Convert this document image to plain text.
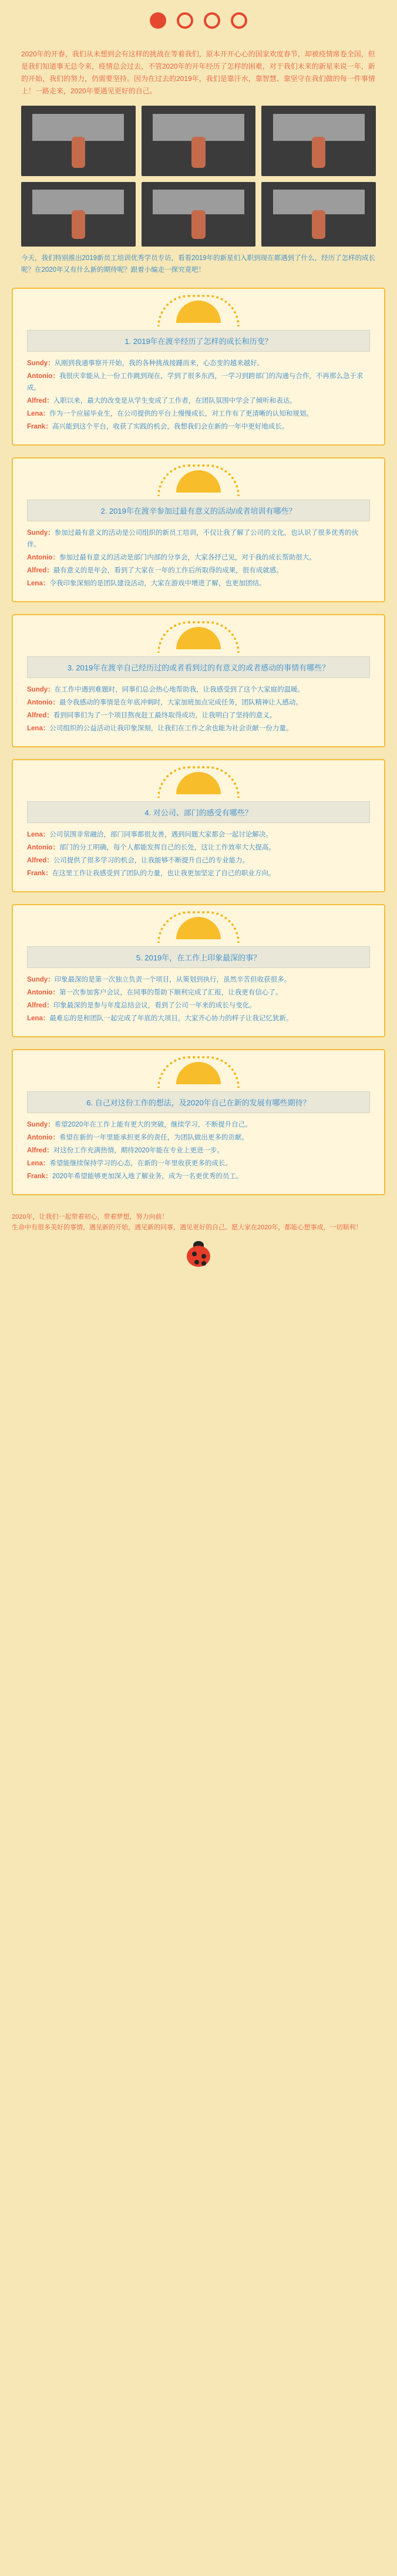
2020年的开春，我们从未想到会有这样的挑战在等着我们，原本开开心心的国家欢度春节，却被疫情席卷全国，但是我们知道事无总令来，疫情总会过去，不管2020年的开年经历了怎样的困难，对于我们未来的新星来说一年，新的开始，我们的努力，仍需要坚持。因为在过去的2019年，我们是靠汗水，靠智慧、靠坚守在我们做的每一件事情上！一路走来，2020年要遇见更好的自己。

今天，我们特别推出2019新员工培训优秀学员专访，看看2019年的新星们入职到现在都遇到了什么，经历了怎样的成长呢？在2020年又有什么新的期待呢？跟着小编走一探究竟吧！
1. 2019年在渡辛经历了怎样的成长和历变？
Sundy：从刚到我通事察开开始，我的各种挑战接踵而来，心态变的越来越好。
Antonio：我很庆幸能从上一份工作跳到现在，学到了很多东西，一学习到跨部门的沟通与合作，不再那么急于求成。
Alfred：入职以来，最大的改变是从学生变成了工作者，在团队氛围中学会了倾听和表达。
Lena：作为一个应届毕业生，在公司提供的平台上慢慢成长，对工作有了更清晰的认知和规划。
Frank：高兴能到这个平台，收获了实践的机会，我想我们会在新的一年中更好地成长。
2. 2019年在渡辛参加过最有意义的活动/或者培训有哪些？
Sundy：参加过最有意义的活动是公司组织的新员工培训，不仅让我了解了公司的文化，也认识了很多优秀的伙伴。
Antonio：参加过最有意义的活动是部门内部的分享会，大家各抒己见，对于我的成长帮助很大。
Alfred：最有意义的是年会，看到了大家在一年的工作后所取得的成果，很有成就感。
Lena：令我印象深刻的是团队建设活动，大家在游戏中增进了解，也更加团结。
3. 2019年在渡辛自己经历过的或者看到过的有意义的或者感动的事情有哪些？
Sundy：在工作中遇到难题时，同事们总会热心地帮助我，让我感受到了这个大家庭的温暖。
Antonio：最令我感动的事情是在年底冲刺时，大家加班加点完成任务，团队精神让人感动。
Alfred：看到同事们为了一个项目熬夜赶工最终取得成功，让我明白了坚持的意义。
Lena：公司组织的公益活动让我印象深刻，让我们在工作之余也能为社会贡献一份力量。
4. 对公司、部门的感受有哪些？
Lena：公司氛围非常融洽，部门同事都很友善，遇到问题大家都会一起讨论解决。
Antonio：部门的分工明确，每个人都能发挥自己的长处，这让工作效率大大提高。
Alfred：公司提供了很多学习的机会，让我能够不断提升自己的专业能力。
Frank：在这里工作让我感受到了团队的力量，也让我更加坚定了自己的职业方向。
5. 2019年，在工作上印象最深的事？
Sundy：印象最深的是第一次独立负责一个项目，从策划到执行，虽然辛苦但收获很多。
Antonio：第一次参加客户会议，在同事的帮助下顺利完成了汇报，让我更有信心了。
Alfred：印象最深的是参与年度总结会议，看到了公司一年来的成长与变化。
Lena：最难忘的是和团队一起完成了年底的大项目，大家齐心协力的样子让我记忆犹新。
6. 自己对这份工作的想法，及2020年自己在新的发展有哪些期待？
Sundy：希望2020年在工作上能有更大的突破，继续学习，不断提升自己。
Antonio：希望在新的一年里能承担更多的责任，为团队做出更多的贡献。
Alfred：对这份工作充满热情，期待2020年能在专业上更进一步。
Lena：希望能继续保持学习的心态，在新的一年里收获更多的成长。
Frank：2020年希望能够更加深入地了解业务，成为一名更优秀的员工。
2020年，让我们一起带着初心，带着梦想，努力向前！
生命中有很多美好的事情，遇见新的开始，遇见新的同事，遇见更好的自己。愿大家在2020年，都能心想事成，一切顺利！
